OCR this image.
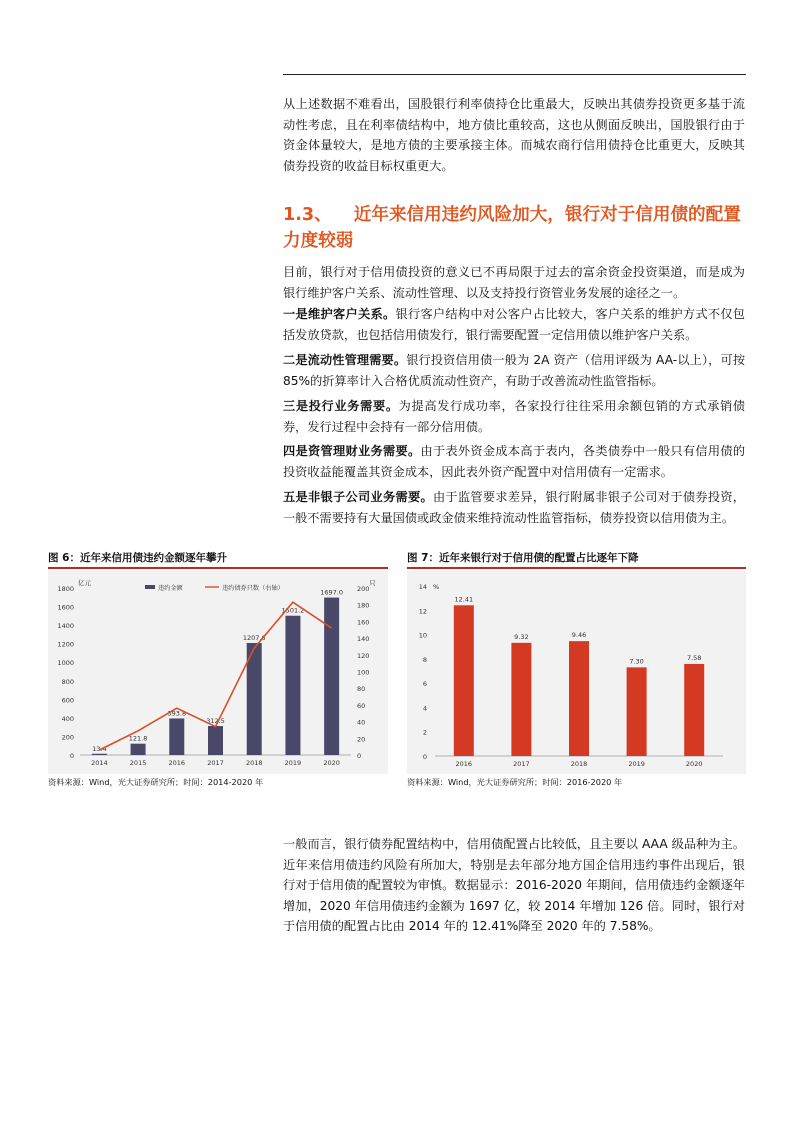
从上述数据不难看出，国股银行利率债持仓比重最大，反映出其债券投资更多基于流动性考虑，且在利率债结构中，地方债比重较高，这也从侧面反映出，国股银行由于资金体量较大，是地方债的主要承接主体。而城农商行信用债持仓比重更大，反映其债券投资的收益目标权重更大。

1.3、 近年来信用违约风险加大，银行对于信用债的配置力度较弱

目前，银行对于信用债投资的意义已不再局限于过去的富余资金投资渠道，而是成为银行维护客户关系、流动性管理、以及支持投行资管业务发展的途径之一。

一是维护客户关系。银行客户结构中对公客户占比较大，客户关系的维护方式不仅包括发放贷款，也包括信用债发行，银行需要配置一定信用债以维护客户关系。

二是流动性管理需要。银行投资信用债一般为 2A 资产（信用评级为 AA-以上），可按 85%的折算率计入合格优质流动性资产，有助于改善流动性监管指标。

三是投行业务需要。为提高发行成功率，各家投行往往采用余额包销的方式承销债券，发行过程中会持有一部分信用债。

四是资管理财业务需要。由于表外资金成本高于表内，各类债券中一般只有信用债的投资收益能覆盖其资金成本，因此表外资产配置中对信用债有一定需求。

五是非银子公司业务需要。由于监管要求差异，银行附属非银子公司对于债券投资，一般不需要持有大量国债或政金债来维持流动性监管指标，债券投资以信用债为主。

图 6：近年来信用债违约金额逐年攀升
0
200
400
600
800
1000
1200
1400
1600
1800
0
20
40
60
80
100
120
140
160
180
200
亿元	只
违约金额	违约债券只数（右轴）
13.4
2014
121.8
2015
393.8
2016
312.5
2017
1207.6
2018
1501.2
2019
1697.0
2020
资料来源：Wind，光大证券研究所；时间：2014-2020 年
图 7：近年来银行对于信用债的配置占比逐年下降
0
2
4
6
8
10
12
14 %
12.41
2016
9.32
2017
9.46
2018
7.30
2019
7.58
2020
资料来源：Wind，光大证券研究所；时间：2016-2020 年

一般而言，银行债券配置结构中，信用债配置占比较低，且主要以 AAA 级品种为主。近年来信用债违约风险有所加大，特别是去年部分地方国企信用违约事件出现后，银行对于信用债的配置较为审慎。数据显示：2016-2020 年期间，信用债违约金额逐年增加，2020 年信用债违约金额为 1697 亿，较 2014 年增加 126 倍。同时，银行对于信用债的配置占比由 2014 年的 12.41%降至 2020 年的 7.58%。
